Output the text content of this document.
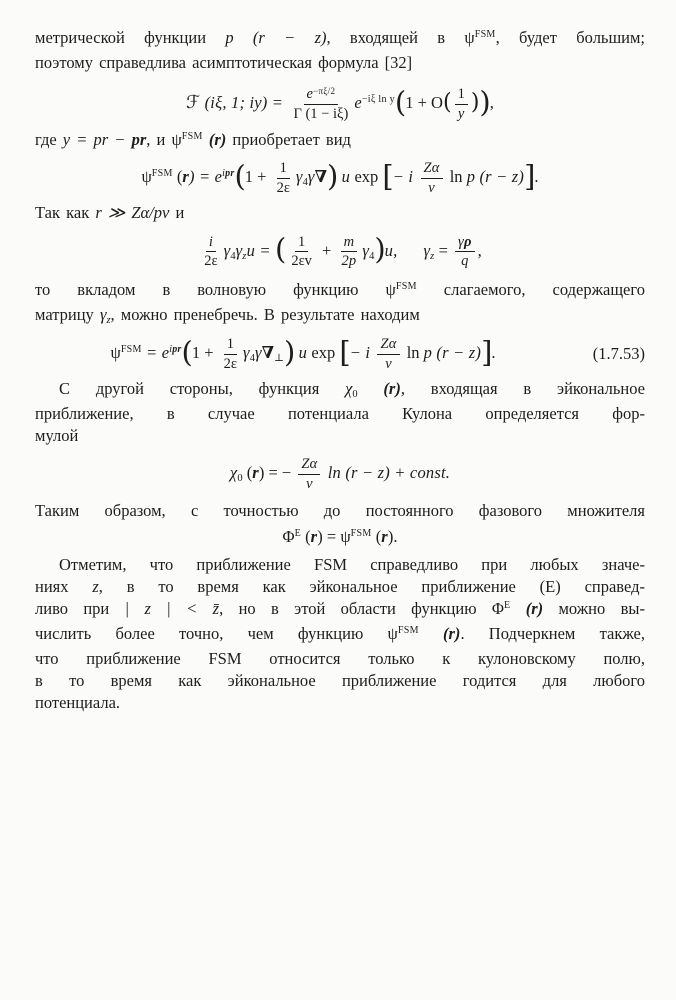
метрической функции p (r − z), входящей в $\psi^{FSM}$, будет большим;
поэтому справедлива асимптотическая формула [32]
ℱ (iξ, 1; $iy) = \frac{e^{-\pi\xi/2}}{\Gamma (1 - i\xi)} e^{-i\xi ln y}(1 + O( \frac{1}{y}$ )),
где y = pr − pr, и $\psi^{FSM}$ (r) приобретает вид
$\psi^{FSM}$ $(r) = e^{ipr}(1 + \frac{1}{2\varepsilon} \gamma 4\gamma\nabla)$ u exp [− i $\frac{Z\alpha}{v}$ ln p (r − z)].
Так как r ≫ Zα/pv и
$\frac{i}{2\varepsilon} \gamma 4\gamma zu$ = ( $\frac{1}{2\varepsilon v} + \frac{m}{2p} \gamma 4)u$, $\gamma z = \frac{\gamma\rho}{q}$ ,
то вкладом в волновую функцию $\psi^{FSM}$ слагаемого, содержащего
матрицу γz, можно пренебречь. В результате находим
$\psi^{FSM} = e^{ipr}(1 + \frac{1}{2\varepsilon}$ γ4γ∇⊥) u exp [− i $\frac{Z\alpha}{v}$ ln p (r − z)].	(1.7.53)
С другой стороны, функция χ0 (r), входящая в эйкональное
приближение, в случае потенциала Кулона определяется фор-
мулой
χ0 (r) = − $\frac{Z\alpha}{v}$ ln (r − z) + const.
Таким образом, с точностью до постоянного фазового множителя
$\Phi^E$ $(r) = \psi^{FSM}$ (r).
Отметим, что приближение FSM справедливо при любых значе-
ниях z, в то время как эйкональное приближение (Е) справед-
ливо при | z | < z̄, но в этой области функцию $\Phi^E$ (r) можно вы-
числить более точно, чем функцию $\psi^{FSM}$ (r). Подчеркнем также,
что приближение FSM относится только к кулоновскому полю,
в то время как эйкональное приближение годится для любого
потенциала.
